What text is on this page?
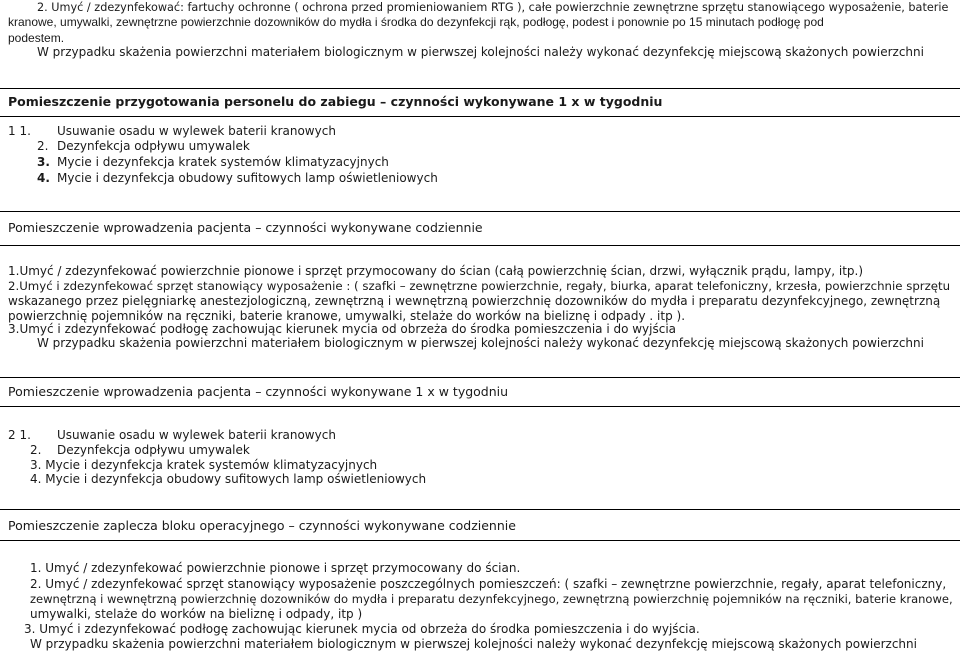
2. Umyć / zdezynfekować: fartuchy ochronne ( ochrona przed promieniowaniem RTG ), całe powierzchnie zewnętrzne sprzętu stanowiącego wyposażenie, baterie
kranowe, umywalki, zewnętrzne powierzchnie dozowników do mydła i środka do dezynfekcji rąk, podłogę, podest i ponownie po 15 minutach podłogę pod
podestem.
W przypadku skażenia powierzchni materiałem biologicznym w pierwszej kolejności należy wykonać dezynfekcję miejscową skażonych powierzchni
Pomieszczenie przygotowania personelu do zabiegu – czynności wykonywane 1 x w tygodniu
1 1. Usuwanie osadu w wylewek baterii kranowych
2. Dezynfekcja odpływu umywalek
3. Mycie i dezynfekcja kratek systemów klimatyzacyjnych
4. Mycie i dezynfekcja obudowy sufitowych lamp oświetleniowych
Pomieszczenie wprowadzenia pacjenta – czynności wykonywane codziennie
1.Umyć / zdezynfekować powierzchnie pionowe i sprzęt przymocowany do ścian (całą powierzchnię ścian, drzwi, wyłącznik prądu, lampy, itp.)
2.Umyć i zdezynfekować sprzęt stanowiący wyposażenie : ( szafki – zewnętrzne powierzchnie, regały, biurka, aparat telefoniczny, krzesła, powierzchnie sprzętu
wskazanego przez pielęgniarkę anestezjologiczną, zewnętrzną i wewnętrzną powierzchnię dozowników do mydła i preparatu dezynfekcyjnego, zewnętrzną
powierzchnię pojemników na ręczniki, baterie kranowe, umywalki, stelaże do worków na bieliznę i odpady . itp ).
3.Umyć i zdezynfekować podłogę zachowując kierunek mycia od obrzeża do środka pomieszczenia i do wyjścia
W przypadku skażenia powierzchni materiałem biologicznym w pierwszej kolejności należy wykonać dezynfekcję miejscową skażonych powierzchni
Pomieszczenie wprowadzenia pacjenta – czynności wykonywane 1 x w tygodniu
2 1. Usuwanie osadu w wylewek baterii kranowych
2. Dezynfekcja odpływu umywalek
3. Mycie i dezynfekcja kratek systemów klimatyzacyjnych
4. Mycie i dezynfekcja obudowy sufitowych lamp oświetleniowych
Pomieszczenie zaplecza bloku operacyjnego – czynności wykonywane codziennie
1. Umyć / zdezynfekować powierzchnie pionowe i sprzęt przymocowany do ścian.
2. Umyć / zdezynfekować sprzęt stanowiący wyposażenie poszczególnych pomieszczeń: ( szafki – zewnętrzne powierzchnie, regały, aparat telefoniczny,
zewnętrzną i wewnętrzną powierzchnię dozowników do mydła i preparatu dezynfekcyjnego, zewnętrzną powierzchnię pojemników na ręczniki, baterie kranowe,
umywalki, stelaże do worków na bieliznę i odpady, itp )
3. Umyć i zdezynfekować podłogę zachowując kierunek mycia od obrzeża do środka pomieszczenia i do wyjścia.
W przypadku skażenia powierzchni materiałem biologicznym w pierwszej kolejności należy wykonać dezynfekcję miejscową skażonych powierzchni
